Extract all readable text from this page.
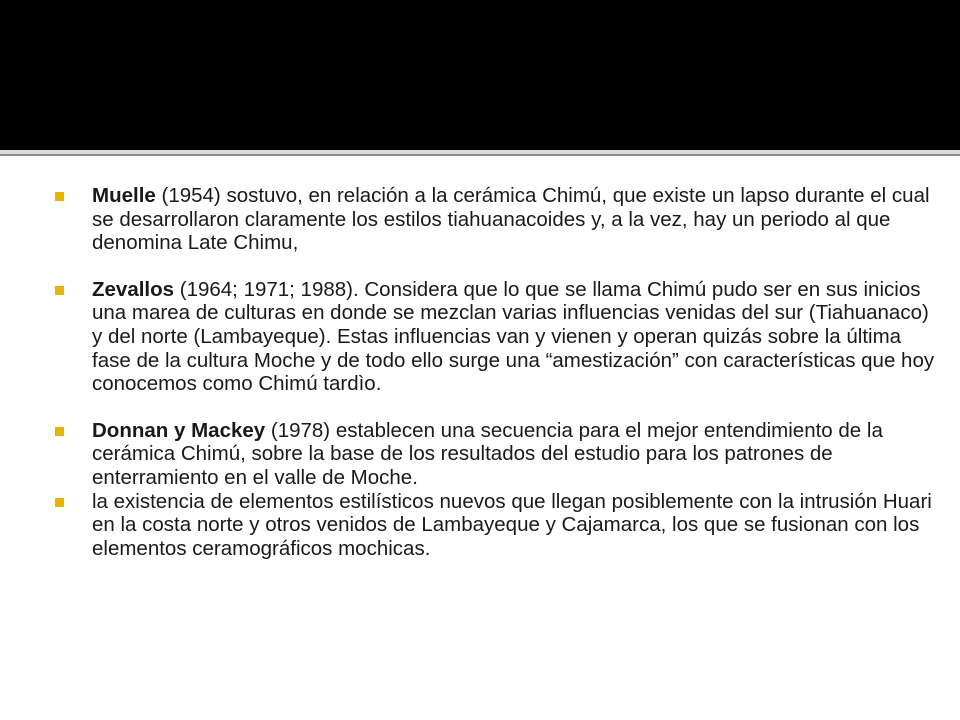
Muelle (1954) sostuvo, en relación a la cerámica Chimú, que existe un lapso durante el cual se desarrollaron claramente los estilos tiahuanacoides y, a la vez, hay un periodo al que denomina Late Chimu,
Zevallos (1964; 1971; 1988). Considera que lo que se llama Chimú pudo ser en sus inicios una marea de culturas en donde se mezclan varias influencias venidas del sur (Tiahuanaco) y del norte (Lambayeque). Estas influencias van y vienen y operan quizás sobre la última fase de la cultura Moche y de todo ello surge una “amestización” con características que hoy conocemos como Chimú tardìo.
Donnan y Mackey (1978) establecen una secuencia para el mejor entendimiento de la cerámica Chimú, sobre la base de los resultados del estudio para los patrones de enterramiento en el valle de Moche.
la existencia de elementos estilísticos nuevos que llegan posiblemente con la intrusión Huari en la costa norte y otros venidos de Lambayeque y Cajamarca, los que se fusionan con los elementos ceramográficos mochicas.
